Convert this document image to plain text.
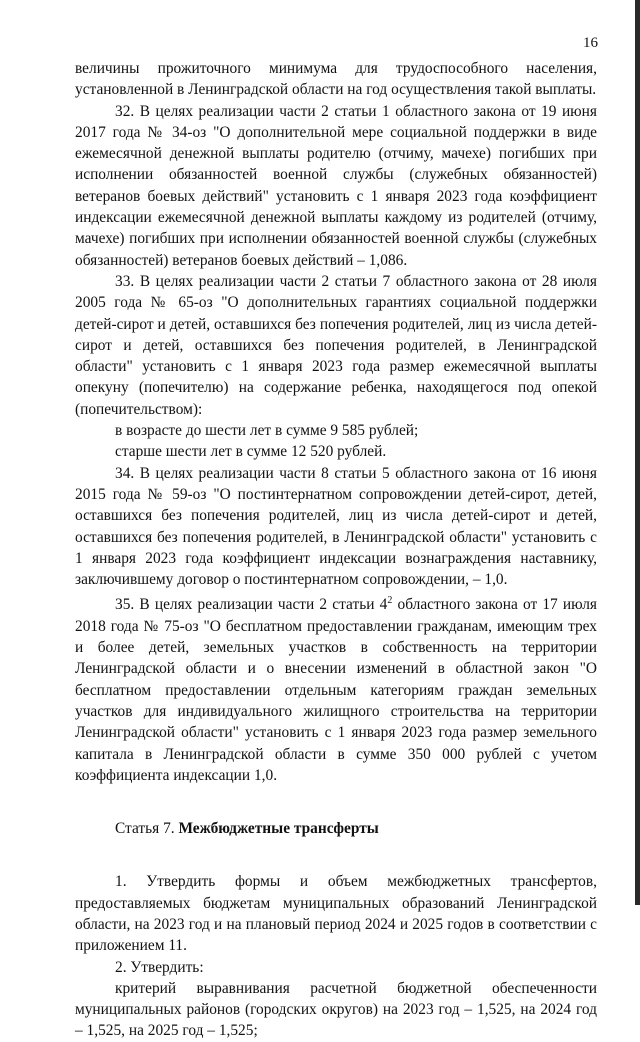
16

величины прожиточного минимума для трудоспособного населения, установленной в Ленинградской области на год осуществления такой выплаты.

32. В целях реализации части 2 статьи 1 областного закона от 19 июня 2017 года № 34-оз "О дополнительной мере социальной поддержки в виде ежемесячной денежной выплаты родителю (отчиму, мачехе) погибших при исполнении обязанностей военной службы (служебных обязанностей) ветеранов боевых действий" установить с 1 января 2023 года коэффициент индексации ежемесячной денежной выплаты каждому из родителей (отчиму, мачехе) погибших при исполнении обязанностей военной службы (служебных обязанностей) ветеранов боевых действий – 1,086.

33. В целях реализации части 2 статьи 7 областного закона от 28 июля 2005 года № 65-оз "О дополнительных гарантиях социальной поддержки детей-сирот и детей, оставшихся без попечения родителей, лиц из числа детей-сирот и детей, оставшихся без попечения родителей, в Ленинградской области" установить с 1 января 2023 года размер ежемесячной выплаты опекуну (попечителю) на содержание ребенка, находящегося под опекой (попечительством):

в возрасте до шести лет в сумме 9 585 рублей;

старше шести лет в сумме 12 520 рублей.

34. В целях реализации части 8 статьи 5 областного закона от 16 июня 2015 года № 59-оз "О постинтернатном сопровождении детей-сирот, детей, оставшихся без попечения родителей, лиц из числа детей-сирот и детей, оставшихся без попечения родителей, в Ленинградской области" установить с 1 января 2023 года коэффициент индексации вознаграждения наставнику, заключившему договор о постинтернатном сопровождении, – 1,0.

35. В целях реализации части 2 статьи $4^2$ областного закона от 17 июля 2018 года № 75-оз "О бесплатном предоставлении гражданам, имеющим трех и более детей, земельных участков в собственность на территории Ленинградской области и о внесении изменений в областной закон "О бесплатном предоставлении отдельным категориям граждан земельных участков для индивидуального жилищного строительства на территории Ленинградской области" установить с 1 января 2023 года размер земельного капитала в Ленинградской области в сумме 350 000 рублей с учетом коэффициента индексации 1,0.

Статья 7. Межбюджетные трансферты

1. Утвердить формы и объем межбюджетных трансфертов, предоставляемых бюджетам муниципальных образований Ленинградской области, на 2023 год и на плановый период 2024 и 2025 годов в соответствии с приложением 11.

2. Утвердить:

критерий выравнивания расчетной бюджетной обеспеченности муниципальных районов (городских округов) на 2023 год – 1,525, на 2024 год – 1,525, на 2025 год – 1,525;
